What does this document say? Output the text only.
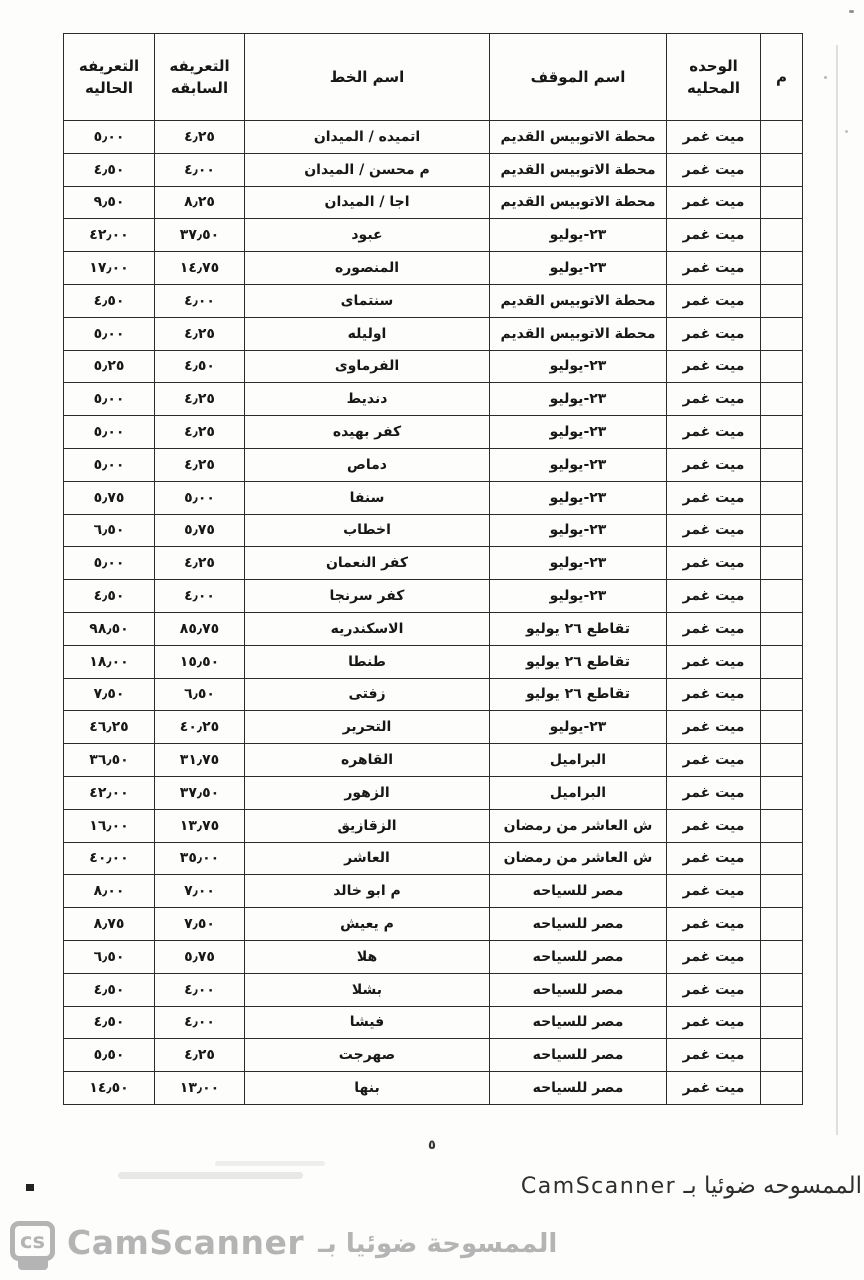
م	الوحده المحليه	اسم الموقف	اسم الخط	التعريفه السابقه	التعريفه الحاليه
	ميت غمر	محطة الاتوبيس القديم	اتميده / الميدان	٤٫٢٥	٥٫٠٠
	ميت غمر	محطة الاتوبيس القديم	م محسن / الميدان	٤٫٠٠	٤٫٥٠
	ميت غمر	محطة الاتوبيس القديم	اجا / الميدان	٨٫٢٥	٩٫٥٠
	ميت غمر	٢٣-يوليو	عبود	٣٧٫٥٠	٤٢٫٠٠
	ميت غمر	٢٣-يوليو	المنصوره	١٤٫٧٥	١٧٫٠٠
	ميت غمر	محطة الاتوبيس القديم	سنتماى	٤٫٠٠	٤٫٥٠
	ميت غمر	محطة الاتوبيس القديم	اوليله	٤٫٢٥	٥٫٠٠
	ميت غمر	٢٣-يوليو	الفرماوى	٤٫٥٠	٥٫٢٥
	ميت غمر	٢٣-يوليو	دنديط	٤٫٢٥	٥٫٠٠
	ميت غمر	٢٣-يوليو	كفر بهيده	٤٫٢٥	٥٫٠٠
	ميت غمر	٢٣-يوليو	دماص	٤٫٢٥	٥٫٠٠
	ميت غمر	٢٣-يوليو	سنفا	٥٫٠٠	٥٫٧٥
	ميت غمر	٢٣-يوليو	اخطاب	٥٫٧٥	٦٫٥٠
	ميت غمر	٢٣-يوليو	كفر النعمان	٤٫٢٥	٥٫٠٠
	ميت غمر	٢٣-يوليو	كفر سرنجا	٤٫٠٠	٤٫٥٠
	ميت غمر	تقاطع ٢٦ يوليو	الاسكندريه	٨٥٫٧٥	٩٨٫٥٠
	ميت غمر	تقاطع ٢٦ يوليو	طنطا	١٥٫٥٠	١٨٫٠٠
	ميت غمر	تقاطع ٢٦ يوليو	زفتى	٦٫٥٠	٧٫٥٠
	ميت غمر	٢٣-يوليو	التحرير	٤٠٫٢٥	٤٦٫٢٥
	ميت غمر	البراميل	القاهره	٣١٫٧٥	٣٦٫٥٠
	ميت غمر	البراميل	الزهور	٣٧٫٥٠	٤٢٫٠٠
	ميت غمر	ش العاشر من رمضان	الزقازيق	١٣٫٧٥	١٦٫٠٠
	ميت غمر	ش العاشر من رمضان	العاشر	٣٥٫٠٠	٤٠٫٠٠
	ميت غمر	مصر للسياحه	م ابو خالد	٧٫٠٠	٨٫٠٠
	ميت غمر	مصر للسياحه	م يعيش	٧٫٥٠	٨٫٧٥
	ميت غمر	مصر للسياحه	هلا	٥٫٧٥	٦٫٥٠
	ميت غمر	مصر للسياحه	بشلا	٤٫٠٠	٤٫٥٠
	ميت غمر	مصر للسياحه	فيشا	٤٫٠٠	٤٫٥٠
	ميت غمر	مصر للسياحه	صهرجت	٤٫٢٥	٥٫٥٠
	ميت غمر	مصر للسياحه	بنها	١٣٫٠٠	١٤٫٥٠
٥
الممسوحه ضوئيا بـ CamScanner
cs CamScanner الممسوحة ضوئيا بـ
